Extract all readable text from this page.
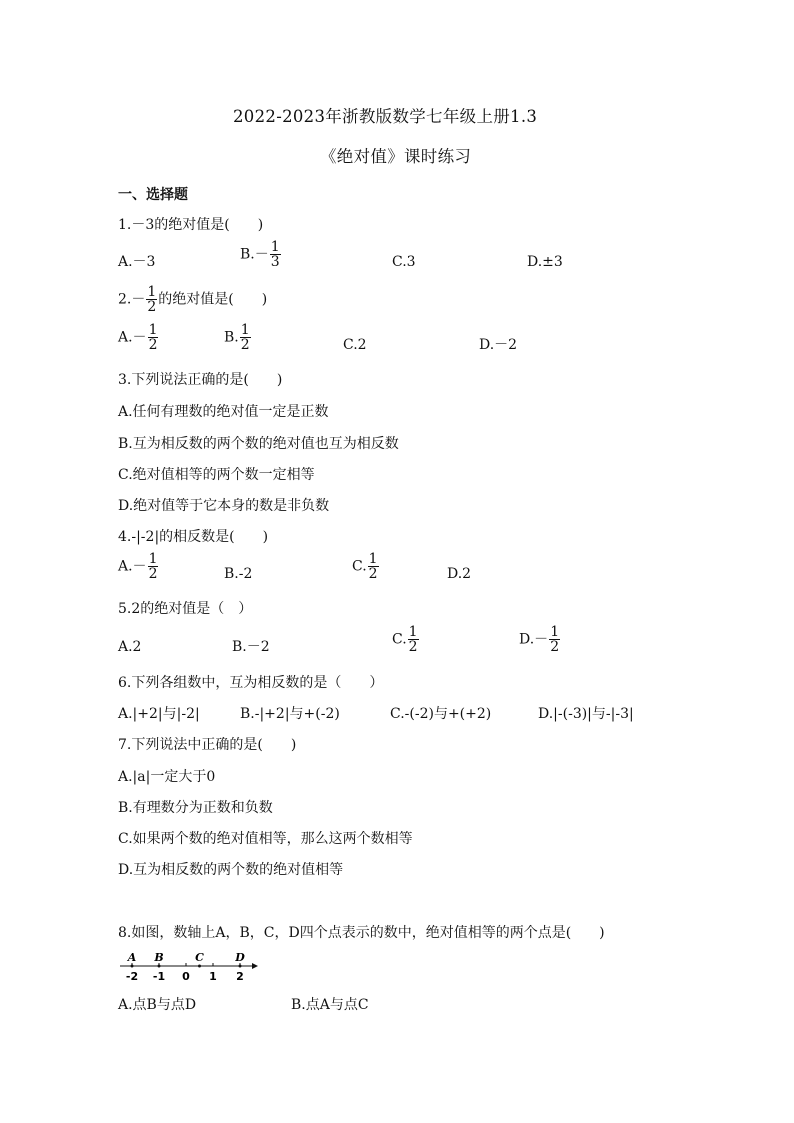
2022-2023年浙教版数学七年级上册1.3
《绝对值》课时练习
一、选择题
1.－3的绝对值是(　　)
A.－3	$B.- \frac{1}{3}$	C.3	D.±3
$2.- \frac{1}{2}$ 的绝对值是(　　)
$A.- \frac{1}{2}$	B. $\frac{1}{2}$	C.2	D.－2
3.下列说法正确的是(　　)
A.任何有理数的绝对值一定是正数
B.互为相反数的两个数的绝对值也互为相反数
C.绝对值相等的两个数一定相等
D.绝对值等于它本身的数是非负数
4.-|-2|的相反数是(　　)
$A.- \frac{1}{2}$	B.-2	C. $\frac{1}{2}$	D.2
5.2的绝对值是（　）
A.2	B.－2	C. $\frac{1}{2}$	$D.- \frac{1}{2}$
6.下列各组数中，互为相反数的是（　　）
A.|+2|与|-2|	B.-|+2|与+(-2)	C.-(-2)与+(+2)	D.|-(-3)|与-|-3|
7.下列说法中正确的是(　　)
A.|a|一定大于0
B.有理数分为正数和负数
C.如果两个数的绝对值相等，那么这两个数相等
D.互为相反数的两个数的绝对值相等
8.如图，数轴上A，B，C，D四个点表示的数中，绝对值相等的两个点是(　　)
-2 -1 0 1 2
A B	C	D
A.点B与点D	B.点A与点C
